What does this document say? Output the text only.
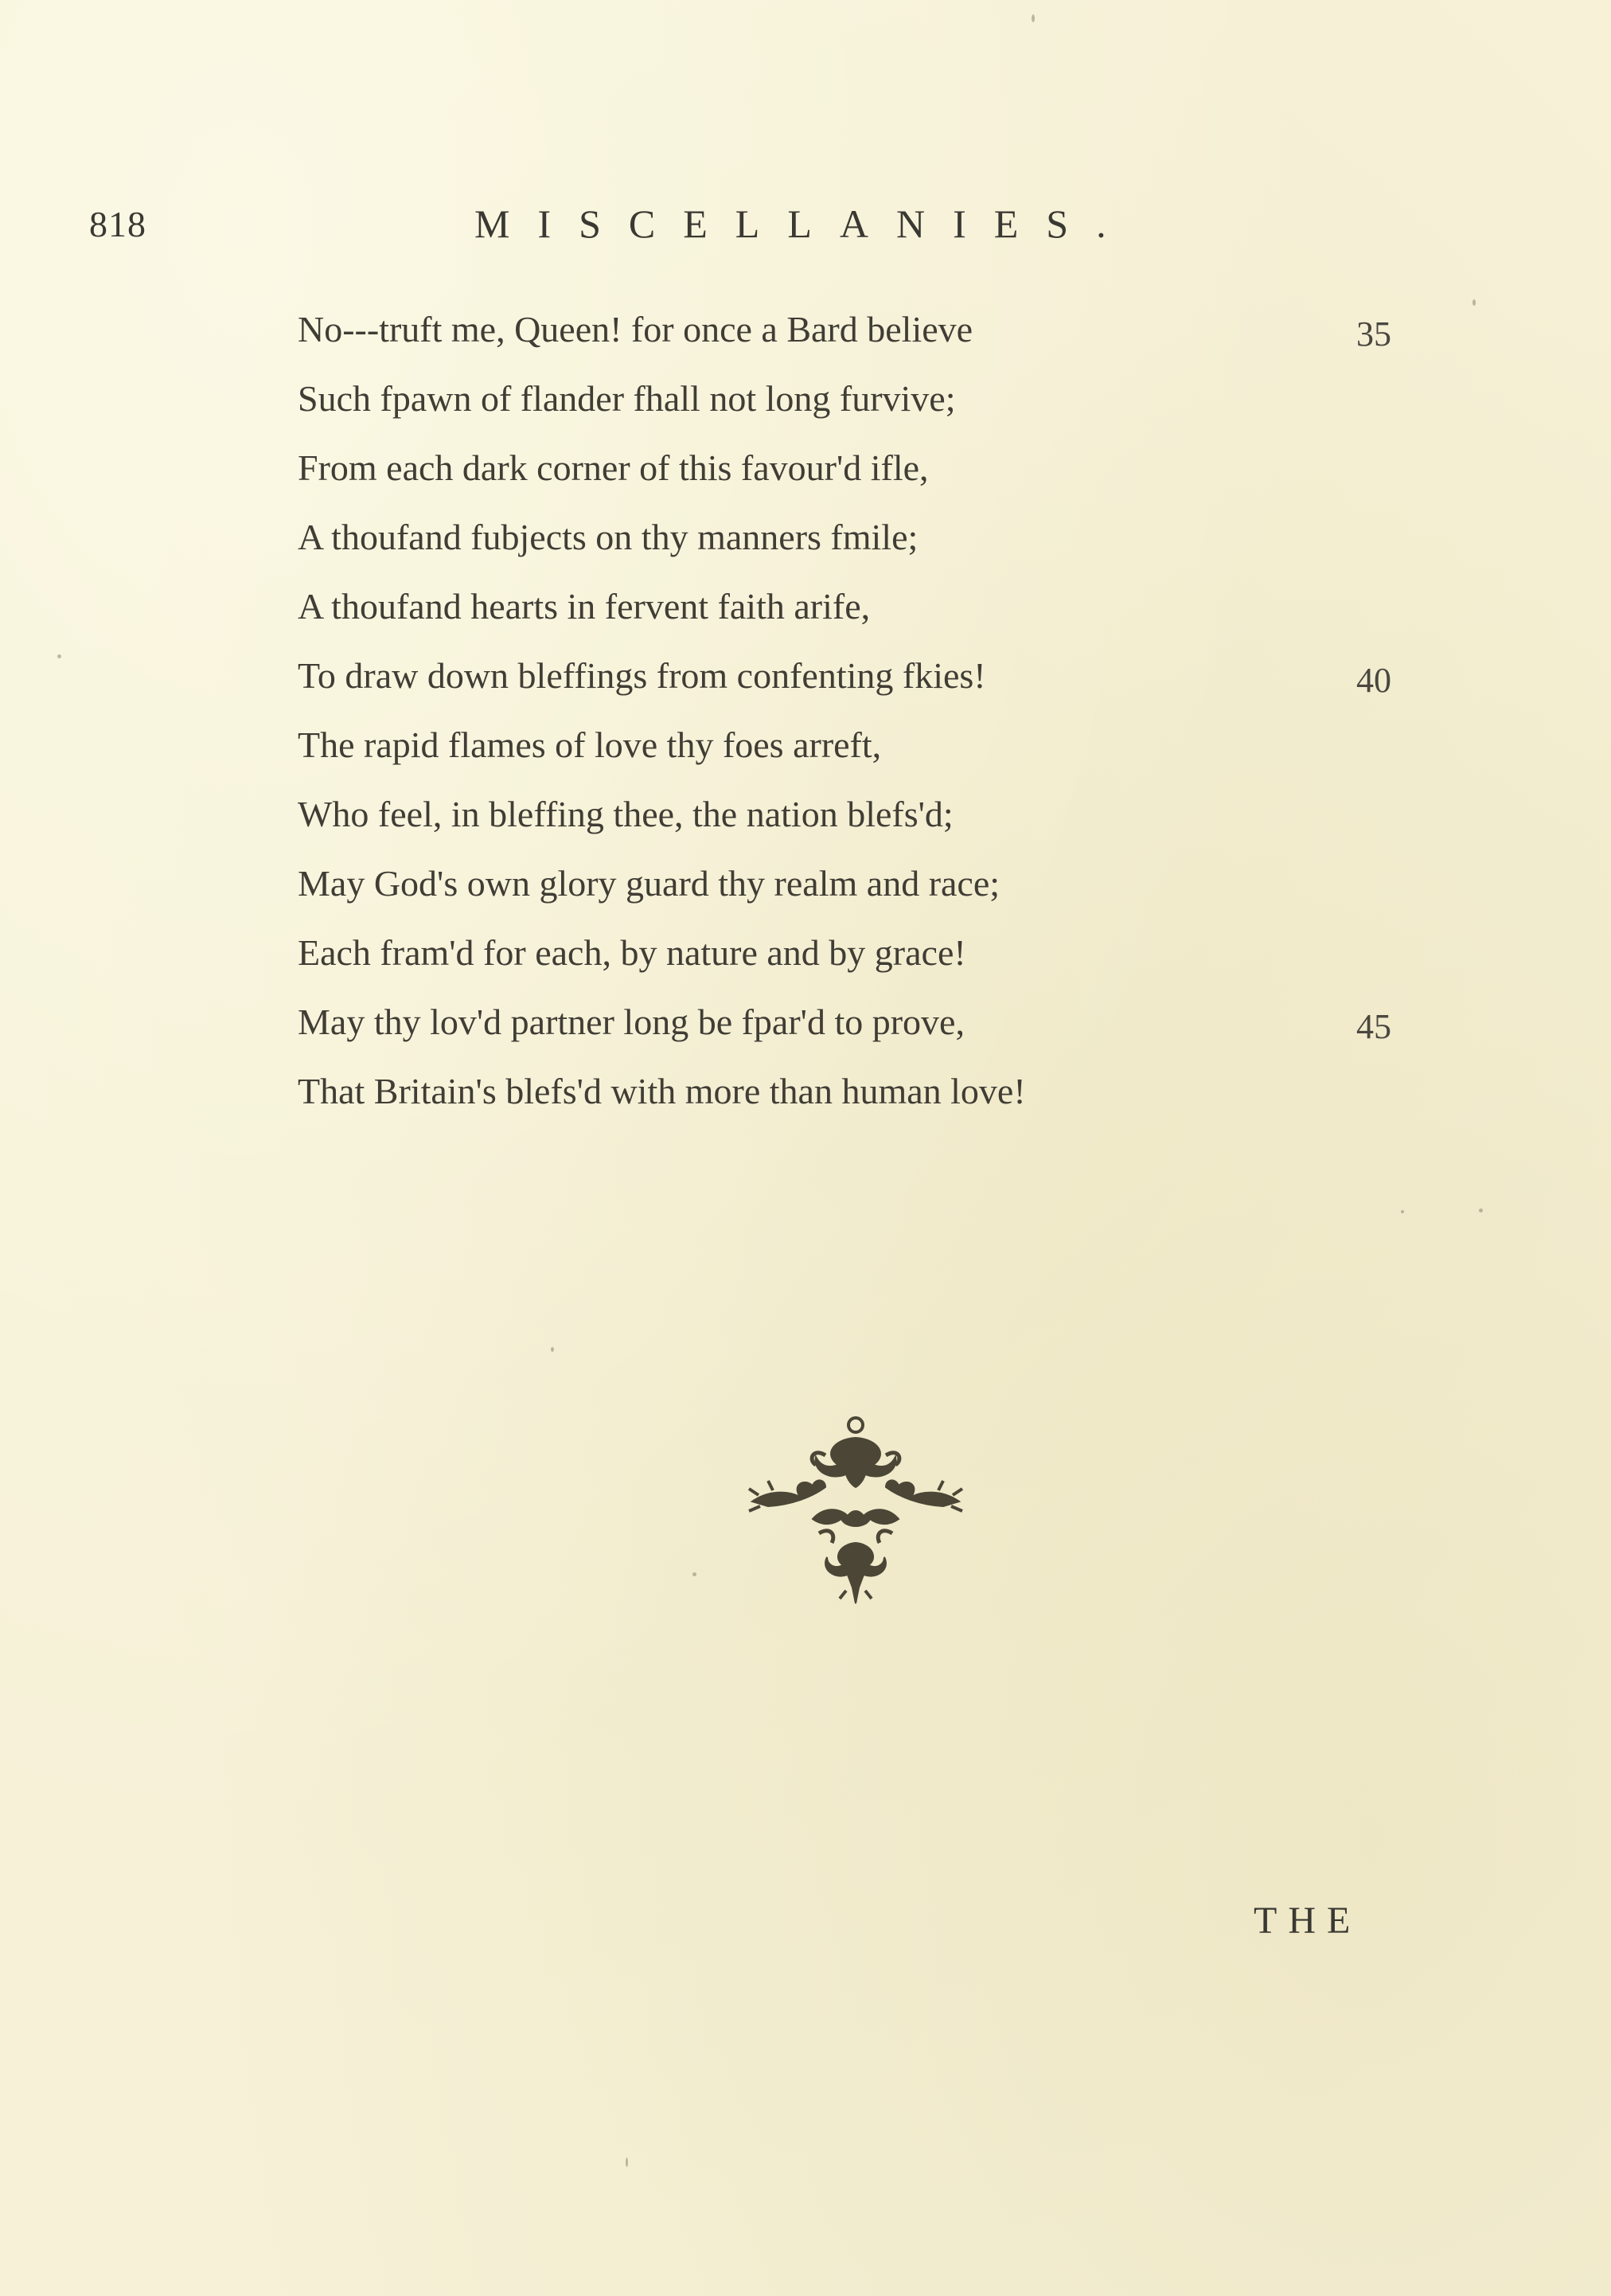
818	MISCELLANIES.
No---truft me, Queen! for once a Bard believe	35
Such fpawn of flander fhall not long furvive;
From each dark corner of this favour'd ifle,
A thoufand fubjects on thy manners fmile;
A thoufand hearts in fervent faith arife,
To draw down bleffings from confenting fkies!	40
The rapid flames of love thy foes arreft,
Who feel, in bleffing thee, the nation blefs'd;
May God's own glory guard thy realm and race;
Each fram'd for each, by nature and by grace!
May thy lov'd partner long be fpar'd to prove,	45
That Britain's blefs'd with more than human love!
THE
